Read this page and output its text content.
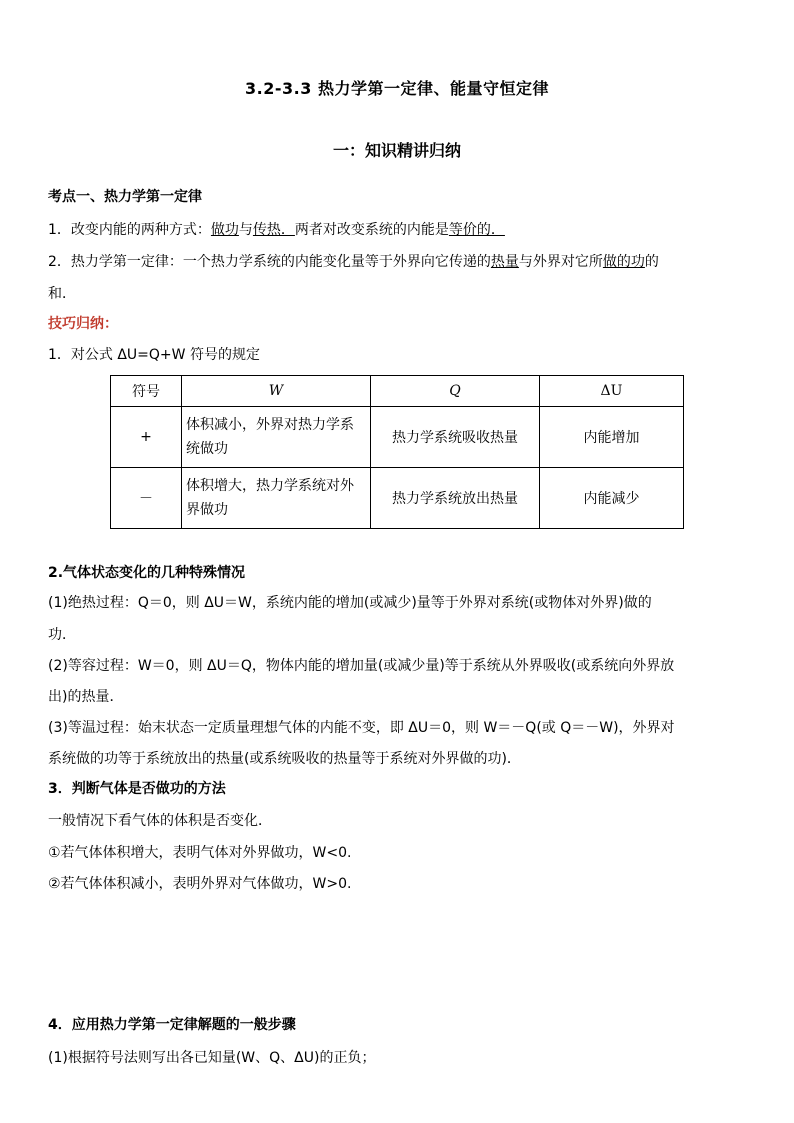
3.2-3.3 热力学第一定律、能量守恒定律
一：知识精讲归纳
考点一、热力学第一定律
1．改变内能的两种方式：做功与传热．两者对改变系统的内能是等价的．
2．热力学第一定律：一个热力学系统的内能变化量等于外界向它传递的热量与外界对它所做的功的
和．
技巧归纳：
1．对公式 ΔU=Q+W 符号的规定
符号	W	Q	ΔU
+	体积减小，外界对热力学系统做功	热力学系统吸收热量	内能增加
－	体积增大，热力学系统对外界做功	热力学系统放出热量	内能减少
2.气体状态变化的几种特殊情况
(1)绝热过程：Q＝0，则 ΔU＝W，系统内能的增加(或减少)量等于外界对系统(或物体对外界)做的
功．
(2)等容过程：W＝0，则 ΔU＝Q，物体内能的增加量(或减少量)等于系统从外界吸收(或系统向外界放
出)的热量．
(3)等温过程：始末状态一定质量理想气体的内能不变，即 ΔU＝0，则 W＝－Q(或 Q＝－W)，外界对
系统做的功等于系统放出的热量(或系统吸收的热量等于系统对外界做的功)．
3．判断气体是否做功的方法
一般情况下看气体的体积是否变化．
①若气体体积增大，表明气体对外界做功，W<0.
②若气体体积减小，表明外界对气体做功，W>0.
4．应用热力学第一定律解题的一般步骤
(1)根据符号法则写出各已知量(W、Q、ΔU)的正负；
